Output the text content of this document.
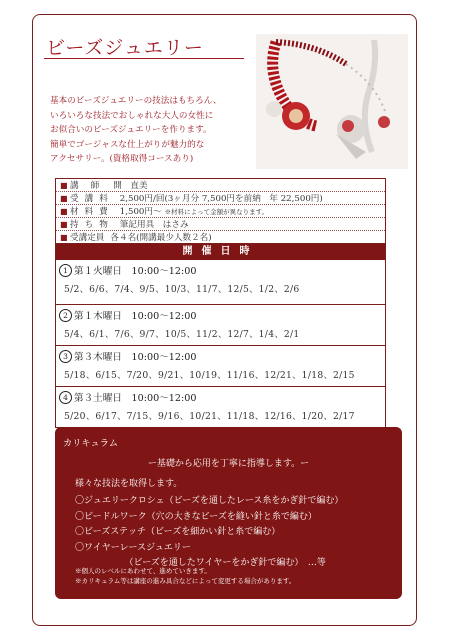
ビーズジュエリー
基本のビーズジュエリーの技法はもちろん、
いろいろな技法でおしゃれな大人の女性に
お似合いのビーズジュエリーを作ります。
簡単でゴージャスな仕上がりが魅力的な
アクセサリー。(資格取得コースあり)
■ 講師 開　直美
■ 受講料 2,500円/回(3ヶ月分 7,500円を前納　年 22,500円)
■ 材料費 1,500円〜 ※材料によって金額が異なります。
■ 持ち物 筆記用具　はさみ
■ 受講定員 各４名(開講最少人数２名)
開催日時
1 第１火曜日　10:00〜12:00
5/2、6/6、7/4、9/5、10/3、11/7、12/5、1/2、2/6
2 第１木曜日　10:00〜12:00
5/4、6/1、7/6、9/7、10/5、11/2、12/7、1/4、2/1
3 第３木曜日　10:00〜12:00
5/18、6/15、7/20、9/21、10/19、11/16、12/21、1/18、2/15
4 第３土曜日　10:00〜12:00
5/20、6/17、7/15、9/16、10/21、11/18、12/16、1/20、2/17
カリキュラム
ー基礎から応用を丁寧に指導します。ー
様々な技法を取得します。
〇ジュエリークロシェ（ビーズを通したレース糸をかぎ針で編む）
〇ビードルワーク（穴の大きなビーズを縫い針と糸で編む）
〇ビーズステッチ（ビーズを細かい針と糸で編む）
〇ワイヤーレースジュエリー
　　　　　　（ビーズを通したワイヤーをかぎ針で編む）　…等
※個人のレベルにあわせて、進めていきます。
※カリキュラム等は講座の進み具合などによって変更する場合があります。
